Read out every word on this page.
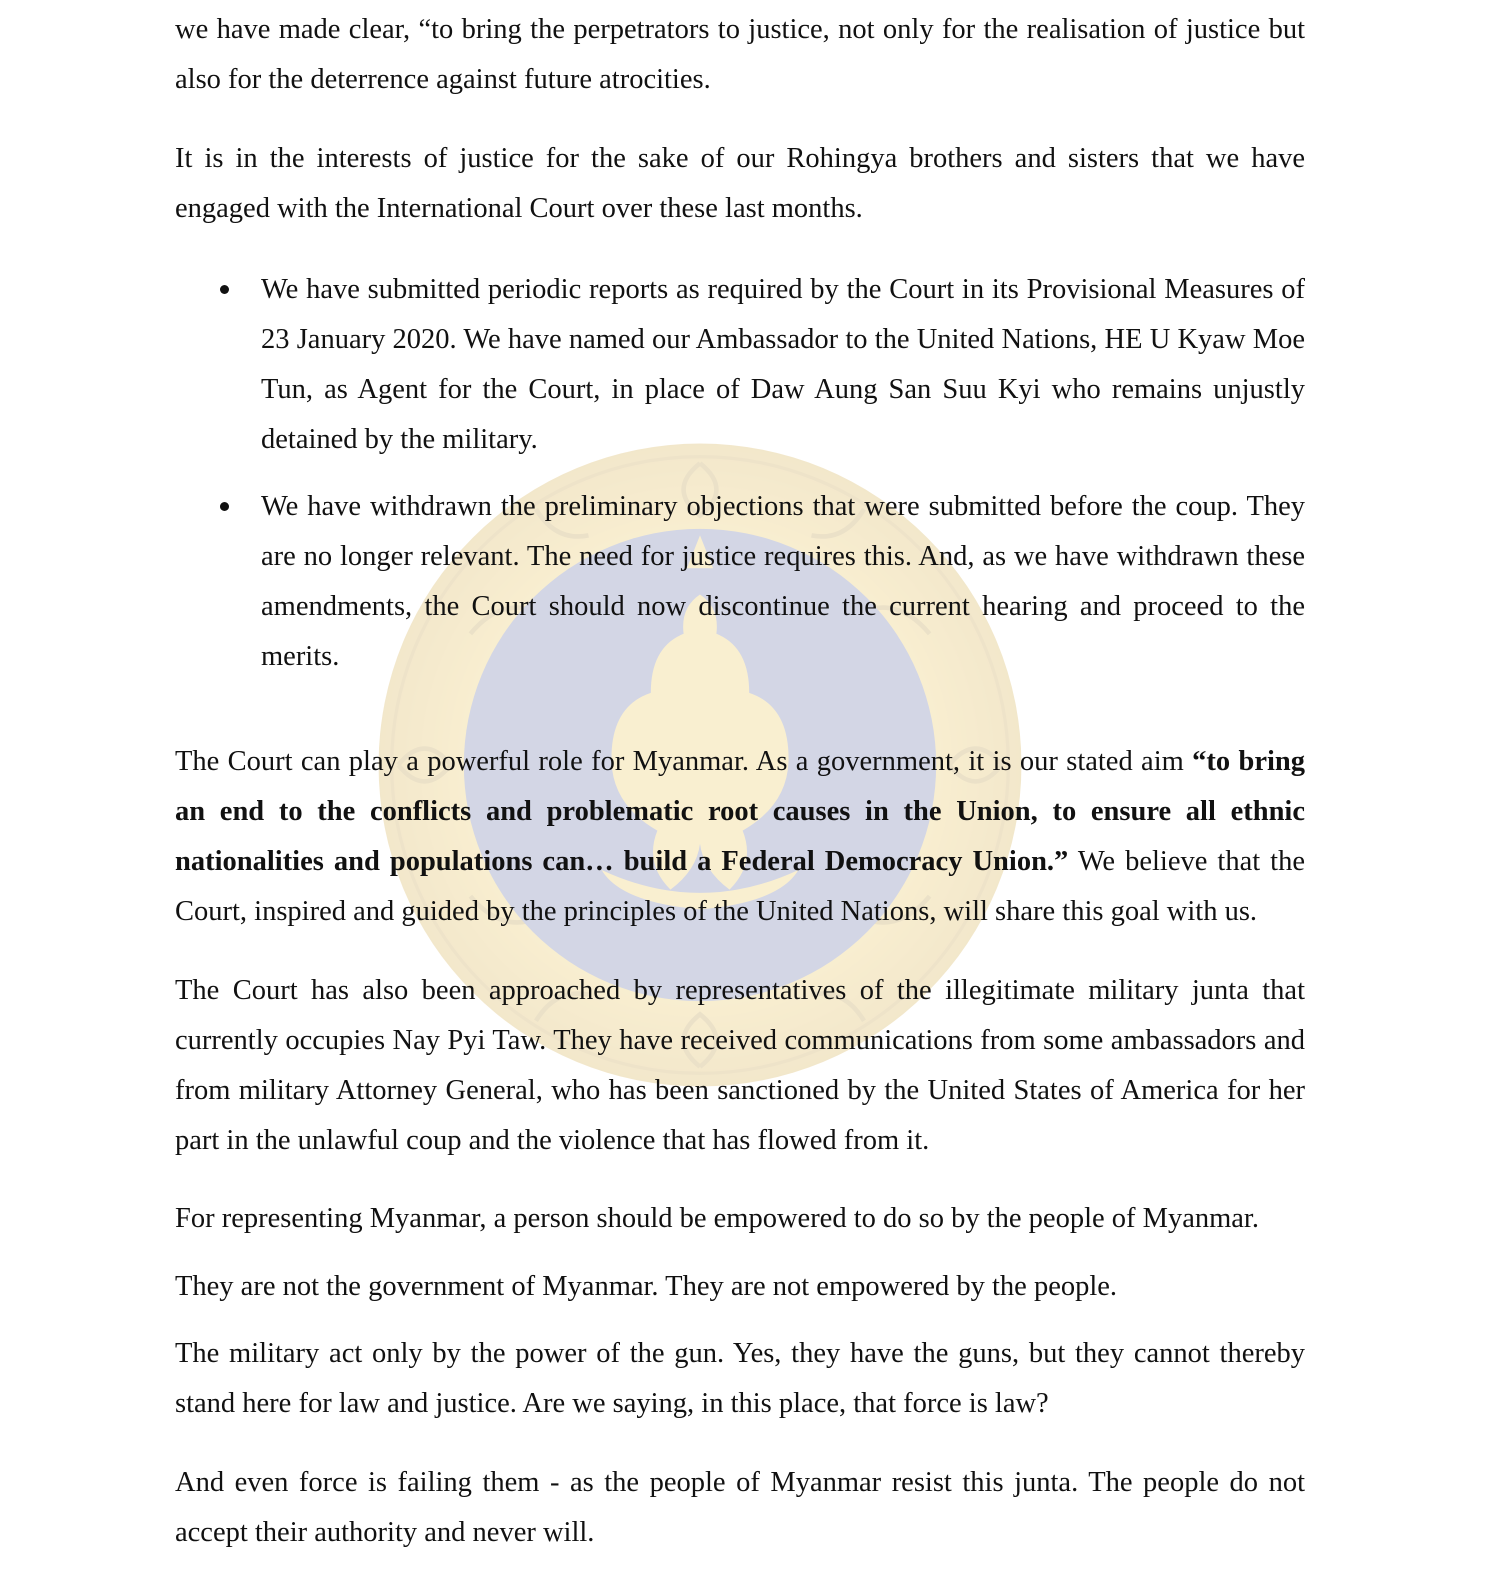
we have made clear, “to bring the perpetrators to justice, not only for the realisation of justice but also for the deterrence against future atrocities.

It is in the interests of justice for the sake of our Rohingya brothers and sisters that we have engaged with the International Court over these last months.

We have submitted periodic reports as required by the Court in its Provisional Measures of 23 January 2020. We have named our Ambassador to the United Nations, HE U Kyaw Moe Tun, as Agent for the Court, in place of Daw Aung San Suu Kyi who remains unjustly detained by the military.

We have withdrawn the preliminary objections that were submitted before the coup. They are no longer relevant. The need for justice requires this. And, as we have withdrawn these amendments, the Court should now discontinue the current hearing and proceed to the merits.

The Court can play a powerful role for Myanmar. As a government, it is our stated aim “to bring an end to the conflicts and problematic root causes in the Union, to ensure all ethnic nationalities and populations can… build a Federal Democracy Union.” We believe that the Court, inspired and guided by the principles of the United Nations, will share this goal with us.

The Court has also been approached by representatives of the illegitimate military junta that currently occupies Nay Pyi Taw. They have received communications from some ambassadors and from military Attorney General, who has been sanctioned by the United States of America for her part in the unlawful coup and the violence that has flowed from it.

For representing Myanmar, a person should be empowered to do so by the people of Myanmar.

They are not the government of Myanmar. They are not empowered by the people.

The military act only by the power of the gun. Yes, they have the guns, but they cannot thereby stand here for law and justice. Are we saying, in this place, that force is law?

And even force is failing them - as the people of Myanmar resist this junta. The people do not accept their authority and never will.
